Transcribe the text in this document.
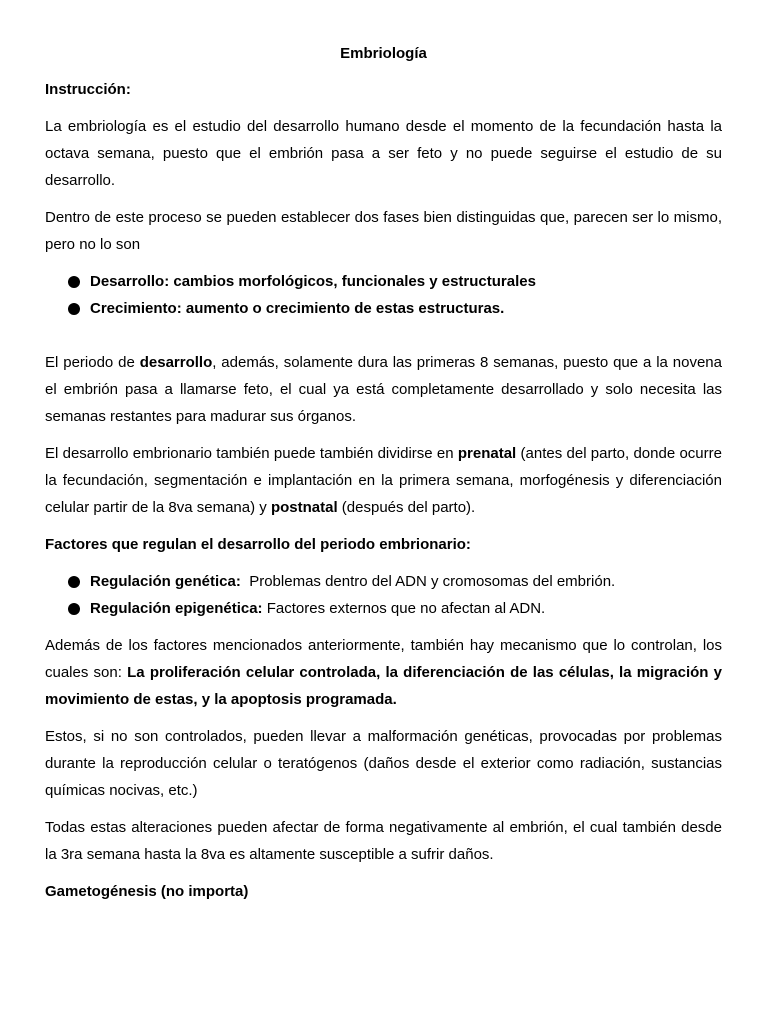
Embriología
Instrucción:
La embriología es el estudio del desarrollo humano desde el momento de la fecundación hasta la octava semana, puesto que el embrión pasa a ser feto y no puede seguirse el estudio de su desarrollo.
Dentro de este proceso se pueden establecer dos fases bien distinguidas que, parecen ser lo mismo, pero no lo son
Desarrollo: cambios morfológicos, funcionales y estructurales
Crecimiento: aumento o crecimiento de estas estructuras.
El periodo de desarrollo, además, solamente dura las primeras 8 semanas, puesto que a la novena el embrión pasa a llamarse feto, el cual ya está completamente desarrollado y solo necesita las semanas restantes para madurar sus órganos.
El desarrollo embrionario también puede también dividirse en prenatal (antes del parto, donde ocurre la fecundación, segmentación e implantación en la primera semana, morfogénesis y diferenciación celular partir de la 8va semana) y postnatal (después del parto).
Factores que regulan el desarrollo del periodo embrionario:
Regulación genética:  Problemas dentro del ADN y cromosomas del embrión.
Regulación epigenética: Factores externos que no afectan al ADN.
Además de los factores mencionados anteriormente, también hay mecanismo que lo controlan, los cuales son: La proliferación celular controlada, la diferenciación de las células, la migración y movimiento de estas, y la apoptosis programada.
Estos, si no son controlados, pueden llevar a malformación genéticas, provocadas por problemas durante la reproducción celular o teratógenos (daños desde el exterior como radiación, sustancias químicas nocivas, etc.)
Todas estas alteraciones pueden afectar de forma negativamente al embrión, el cual también desde la 3ra semana hasta la 8va es altamente susceptible a sufrir daños.
Gametogénesis (no importa)
